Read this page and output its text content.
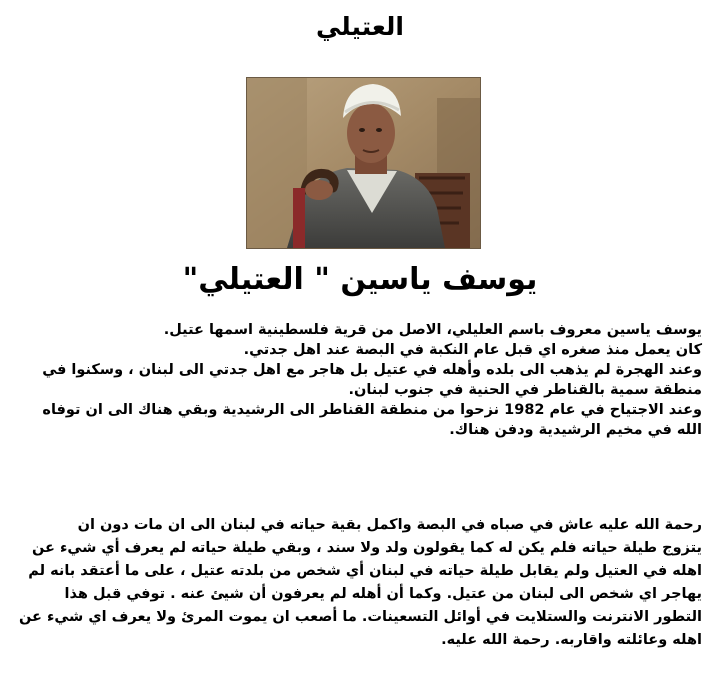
العتيلي
يوسف ياسين " العتيلي"
يوسف ياسين معروف باسم العليلي، الاصل من قرية فلسطينية اسمها عتيل.
كان يعمل منذ صغره اي قبل عام النكبة في البصة عند اهل جدتي.
وعند الهجرة لم يذهب الى بلده وأهله في عتيل بل هاجر مع اهل جدتي الى لبنان ، وسكنوا في
منطقة سمية بالقناطر في الحنية في جنوب لبنان.
وعند الاجتياح في عام 1982 نزحوا من منطقة القناطر الى الرشيدية وبقي هناك الى ان توفاه
الله في مخيم الرشيدية ودفن هناك.
رحمة الله عليه عاش في صباه في البصة واكمل بقية حياته في لبنان الى ان مات دون ان
يتزوج طيلة حياته فلم يكن له كما يقولون ولد ولا سند ، وبقي طيلة حياته لم يعرف أي شيء عن
اهله في العتيل ولم يقابل طيلة حياته في لبنان أي شخص من بلدته عتيل ، على ما أعتقد بانه لم
يهاجر اي شخص الى لبنان من عتيل. وكما أن أهله لم يعرفون أن شيئ عنه . توفي قبل هذا
التطور الانترنت والستلايت في أوائل التسعينات. ما أصعب ان يموت المرئ ولا يعرف اي شيء عن
اهله وعائلته واقاربه. رحمة الله عليه.
